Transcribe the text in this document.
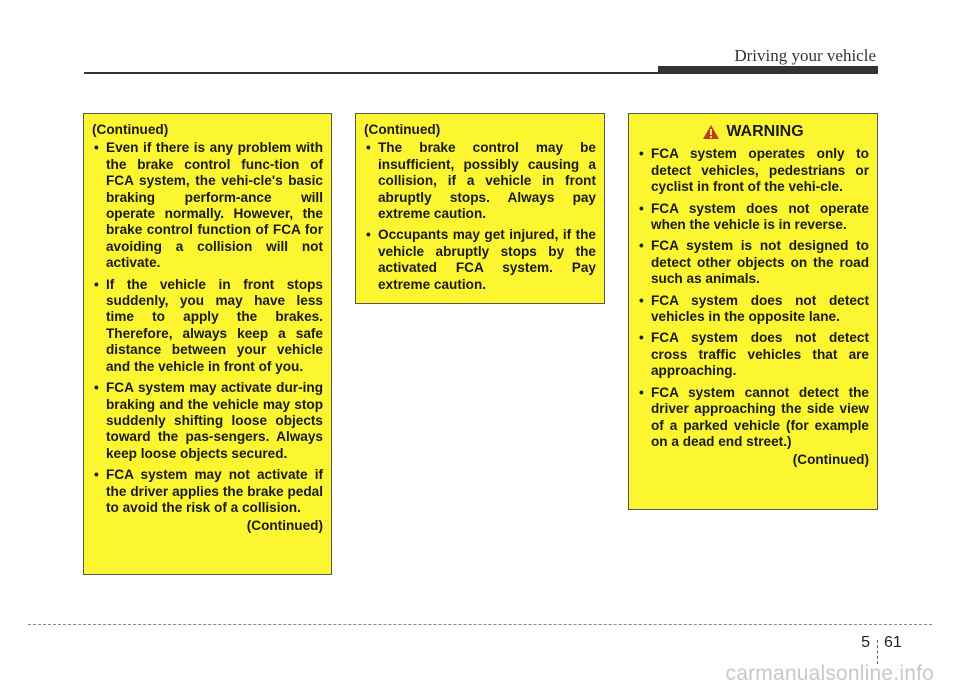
Driving your vehicle
(Continued)
• Even if there is any problem with the brake control func-tion of FCA system, the vehi-cle's basic braking perform-ance will operate normally. However, the brake control function of FCA for avoiding a collision will not activate.
• If the vehicle in front stops suddenly, you may have less time to apply the brakes. Therefore, always keep a safe distance between your vehicle and the vehicle in front of you.
• FCA system may activate dur-ing braking and the vehicle may stop suddenly shifting loose objects toward the pas-sengers. Always keep loose objects secured.
• FCA system may not activate if the driver applies the brake pedal to avoid the risk of a collision.
(Continued)
(Continued)
• The brake control may be insufficient, possibly causing a collision, if a vehicle in front abruptly stops. Always pay extreme caution.
• Occupants may get injured, if the vehicle abruptly stops by the activated FCA system. Pay extreme caution.
WARNING
• FCA system operates only to detect vehicles, pedestrians or cyclist in front of the vehi-cle.
• FCA system does not operate when the vehicle is in reverse.
• FCA system is not designed to detect other objects on the road such as animals.
• FCA system does not detect vehicles in the opposite lane.
• FCA system does not detect cross traffic vehicles that are approaching.
• FCA system cannot detect the driver approaching the side view of a parked vehicle (for example on a dead end street.)
(Continued)
5 61
carmanualsonline.info
